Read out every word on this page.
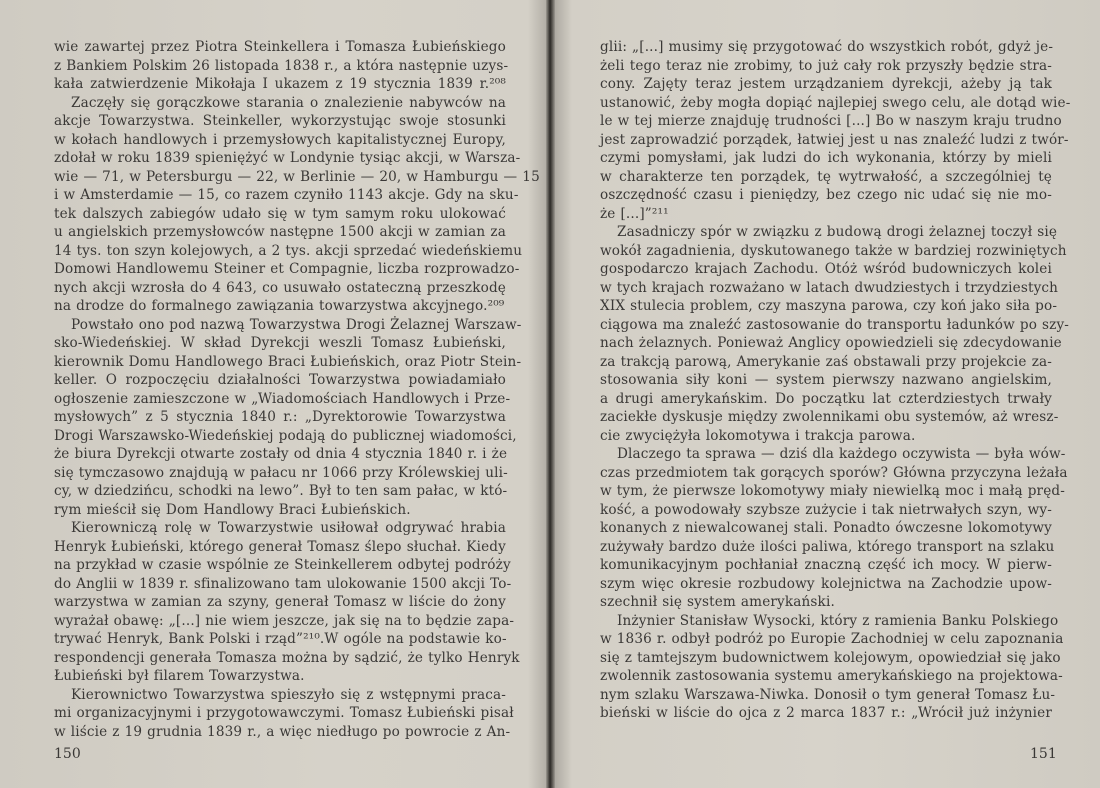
wie zawartej przez Piotra Steinkellera i Tomasza Łubieńskiego
z Bankiem Polskim 26 listopada 1838 r., a która następnie uzys-
kała zatwierdzenie Mikołaja I ukazem z 19 stycznia 1839 r.²⁰⁸
Zaczęły się gorączkowe starania o znalezienie nabywców na
akcje Towarzystwa. Steinkeller, wykorzystując swoje stosunki
w kołach handlowych i przemysłowych kapitalistycznej Europy,
zdołał w roku 1839 spieniężyć w Londynie tysiąc akcji, w Warsza-
wie — 71, w Petersburgu — 22, w Berlinie — 20, w Hamburgu — 15
i w Amsterdamie — 15, co razem czyniło 1143 akcje. Gdy na sku-
tek dalszych zabiegów udało się w tym samym roku ulokować
u angielskich przemysłowców następne 1500 akcji w zamian za
14 tys. ton szyn kolejowych, a 2 tys. akcji sprzedać wiedeńskiemu
Domowi Handlowemu Steiner et Compagnie, liczba rozprowadzo-
nych akcji wzrosła do 4 643, co usuwało ostateczną przeszkodę
na drodze do formalnego zawiązania towarzystwa akcyjnego.²⁰⁹
Powstało ono pod nazwą Towarzystwa Drogi Żelaznej Warszaw-
sko-Wiedeńskiej. W skład Dyrekcji weszli Tomasz Łubieński,
kierownik Domu Handlowego Braci Łubieńskich, oraz Piotr Stein-
keller. O rozpoczęciu działalności Towarzystwa powiadamiało
ogłoszenie zamieszczone w „Wiadomościach Handlowych i Prze-
mysłowych” z 5 stycznia 1840 r.: „Dyrektorowie Towarzystwa
Drogi Warszawsko-Wiedeńskiej podają do publicznej wiadomości,
że biura Dyrekcji otwarte zostały od dnia 4 stycznia 1840 r. i że
się tymczasowo znajdują w pałacu nr 1066 przy Królewskiej uli-
cy, w dziedzińcu, schodki na lewo”. Był to ten sam pałac, w któ-
rym mieścił się Dom Handlowy Braci Łubieńskich.
Kierowniczą rolę w Towarzystwie usiłował odgrywać hrabia
Henryk Łubieński, którego generał Tomasz ślepo słuchał. Kiedy
na przykład w czasie wspólnie ze Steinkellerem odbytej podróży
do Anglii w 1839 r. sfinalizowano tam ulokowanie 1500 akcji To-
warzystwa w zamian za szyny, generał Tomasz w liście do żony
wyrażał obawę: „[...] nie wiem jeszcze, jak się na to będzie zapa-
trywać Henryk, Bank Polski i rząd”²¹⁰.W ogóle na podstawie ko-
respondencji generała Tomasza można by sądzić, że tylko Henryk
Łubieński był filarem Towarzystwa.
Kierownictwo Towarzystwa spieszyło się z wstępnymi praca-
mi organizacyjnymi i przygotowawczymi. Tomasz Łubieński pisał
w liście z 19 grudnia 1839 r., a więc niedługo po powrocie z An-
150
glii: „[...] musimy się przygotować do wszystkich robót, gdyż je-
żeli tego teraz nie zrobimy, to już cały rok przyszły będzie stra-
cony. Zajęty teraz jestem urządzaniem dyrekcji, ażeby ją tak
ustanowić, żeby mogła dopiąć najlepiej swego celu, ale dotąd wie-
le w tej mierze znajduję trudności [...] Bo w naszym kraju trudno
jest zaprowadzić porządek, łatwiej jest u nas znaleźć ludzi z twór-
czymi pomysłami, jak ludzi do ich wykonania, którzy by mieli
w charakterze ten porządek, tę wytrwałość, a szczególniej tę
oszczędność czasu i pieniędzy, bez czego nic udać się nie mo-
że [...]”²¹¹
Zasadniczy spór w związku z budową drogi żelaznej toczył się
wokół zagadnienia, dyskutowanego także w bardziej rozwiniętych
gospodarczo krajach Zachodu. Otóż wśród budowniczych kolei
w tych krajach rozważano w latach dwudziestych i trzydziestych
XIX stulecia problem, czy maszyna parowa, czy koń jako siła po-
ciągowa ma znaleźć zastosowanie do transportu ładunków po szy-
nach żelaznych. Ponieważ Anglicy opowiedzieli się zdecydowanie
za trakcją parową, Amerykanie zaś obstawali przy projekcie za-
stosowania siły koni — system pierwszy nazwano angielskim,
a drugi amerykańskim. Do początku lat czterdziestych trwały
zaciekłe dyskusje między zwolennikami obu systemów, aż wresz-
cie zwyciężyła lokomotywa i trakcja parowa.
Dlaczego ta sprawa — dziś dla każdego oczywista — była wów-
czas przedmiotem tak gorących sporów? Główna przyczyna leżała
w tym, że pierwsze lokomotywy miały niewielką moc i małą pręd-
kość, a powodowały szybsze zużycie i tak nietrwałych szyn, wy-
konanych z niewalcowanej stali. Ponadto ówczesne lokomotywy
zużywały bardzo duże ilości paliwa, którego transport na szlaku
komunikacyjnym pochłaniał znaczną część ich mocy. W pierw-
szym więc okresie rozbudowy kolejnictwa na Zachodzie upow-
szechnił się system amerykański.
Inżynier Stanisław Wysocki, który z ramienia Banku Polskiego
w 1836 r. odbył podróż po Europie Zachodniej w celu zapoznania
się z tamtejszym budownictwem kolejowym, opowiedział się jako
zwolennik zastosowania systemu amerykańskiego na projektowa-
nym szlaku Warszawa-Niwka. Donosił o tym generał Tomasz Łu-
bieński w liście do ojca z 2 marca 1837 r.: „Wrócił już inżynier
151
